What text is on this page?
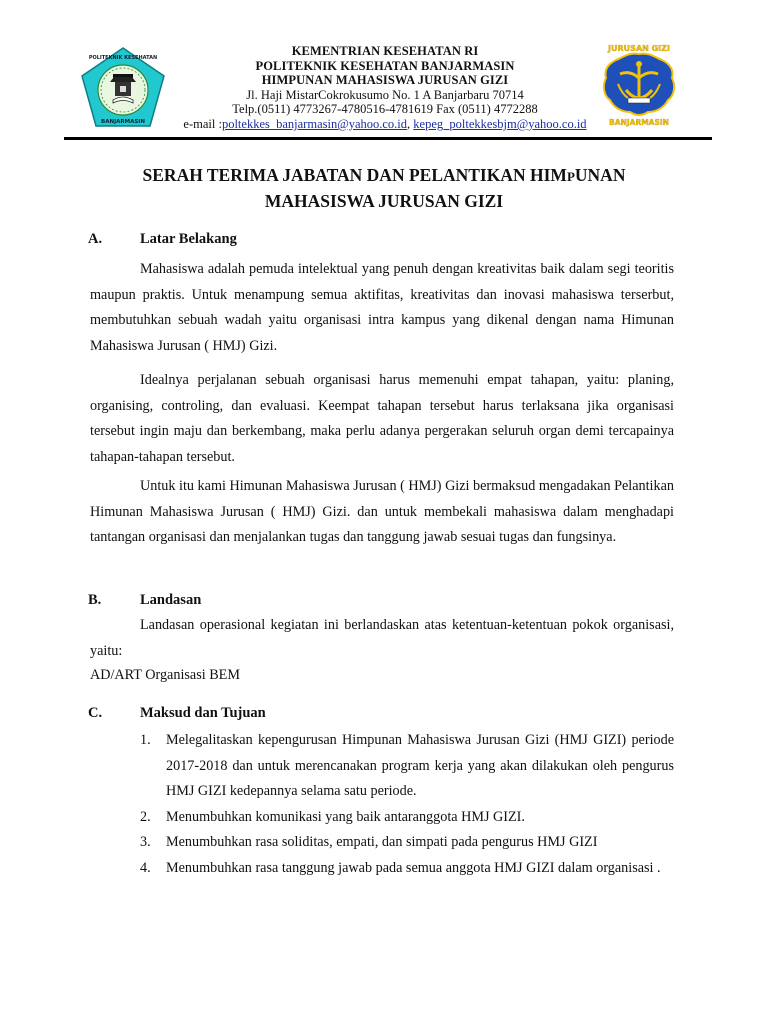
POLITEKNIK KESEHATAN
BANJARMASIN
KEMENTRIAN KESEHATAN RI
POLITEKNIK KESEHATAN BANJARMASIN
HIMPUNAN MAHASISWA JURUSAN GIZI
Jl. Haji MistarCokrokusumo No. 1 A Banjarbaru 70714
Telp.(0511) 4773267-4780516-4781619 Fax (0511) 4772288
e-mail :poltekkes_banjarmasin@yahoo.co.id, kepeg_poltekkesbjm@yahoo.co.id
JURUSAN GIZI
BANJARMASIN
SERAH TERIMA JABATAN DAN PELANTIKAN HIMPUNAN
MAHASISWA JURUSAN GIZI
A.	Latar Belakang
Mahasiswa adalah pemuda intelektual yang penuh dengan kreativitas baik dalam segi teoritis maupun praktis. Untuk menampung semua aktifitas, kreativitas dan inovasi mahasiswa terserbut, membutuhkan sebuah wadah yaitu organisasi intra kampus yang dikenal dengan nama Himunan Mahasiswa Jurusan ( HMJ) Gizi.
Idealnya perjalanan sebuah organisasi harus memenuhi empat tahapan, yaitu: planing, organising, controling, dan evaluasi. Keempat tahapan tersebut harus terlaksana jika organisasi tersebut ingin maju dan berkembang, maka perlu adanya pergerakan seluruh organ demi tercapainya tahapan-tahapan tersebut.
Untuk itu kami Himunan Mahasiswa Jurusan ( HMJ) Gizi bermaksud mengadakan Pelantikan Himunan Mahasiswa Jurusan ( HMJ) Gizi. dan untuk membekali mahasiswa dalam menghadapi tantangan organisasi dan menjalankan tugas dan tanggung jawab sesuai tugas dan fungsinya.
B.	Landasan
Landasan operasional kegiatan ini berlandaskan atas ketentuan-ketentuan pokok organisasi, yaitu:
AD/ART Organisasi BEM
C.	Maksud dan Tujuan
1. Melegalitaskan kepengurusan Himpunan Mahasiswa Jurusan Gizi (HMJ GIZI) periode 2017-2018 dan untuk merencanakan program kerja yang akan dilakukan oleh pengurus HMJ GIZI kedepannya selama satu periode.
2. Menumbuhkan komunikasi yang baik antaranggota HMJ GIZI.
3. Menumbuhkan rasa soliditas, empati, dan simpati pada pengurus HMJ GIZI
4. Menumbuhkan rasa tanggung jawab pada semua anggota HMJ GIZI dalam organisasi .
